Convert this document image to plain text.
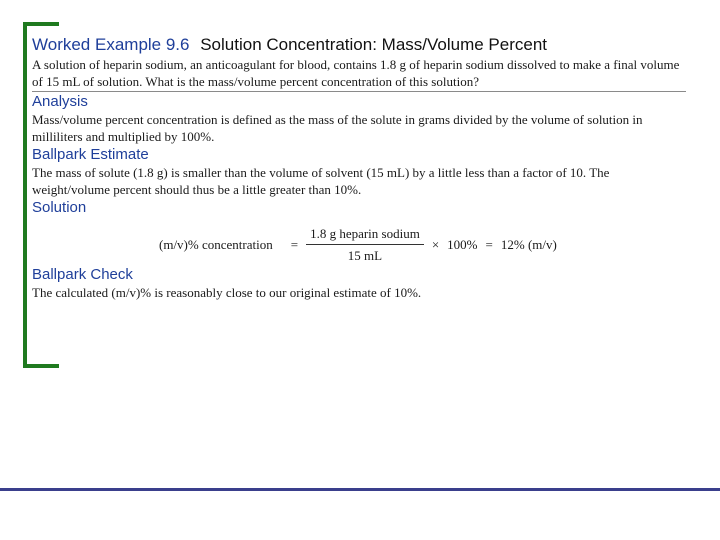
Worked Example 9.6 Solution Concentration: Mass/Volume Percent

A solution of heparin sodium, an anticoagulant for blood, contains 1.8 g of heparin sodium dissolved to make a final volume of 15 mL of solution. What is the mass/volume percent concentration of this solution?

Analysis

Mass/volume percent concentration is defined as the mass of the solute in grams divided by the volume of solution in milliliters and multiplied by 100%.

Ballpark Estimate

The mass of solute (1.8 g) is smaller than the volume of solvent (15 mL) by a little less than a factor of 10. The weight/volume percent should thus be a little greater than 10%.

Solution
(m/v)% concentration = $\frac{\text{1.8 g heparin sodium}}{15 mL} \times 100\% = 12\%$ (m/v)
Ballpark Check

The calculated (m/v)% is reasonably close to our original estimate of 10%.
